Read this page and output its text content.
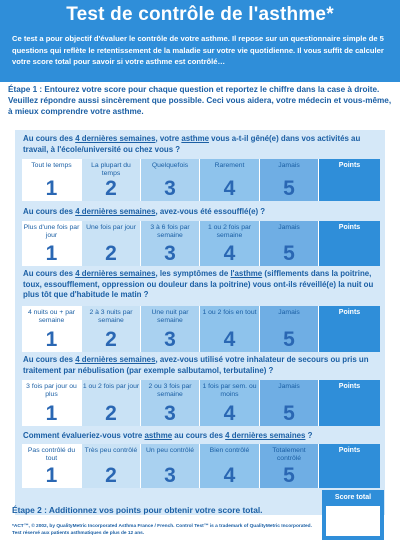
Test de contrôle de l'asthme*
Ce test a pour objectif d'évaluer le contrôle de votre asthme. Il repose sur un questionnaire simple de 5 questions qui reflète le retentissement de la maladie sur votre vie quotidienne. Il vous suffit de calculer votre score total pour savoir si votre asthme est contrôlé…
Étape 1 : Entourez votre score pour chaque question et reportez le chiffre dans la case à droite. Veuillez répondre aussi sincèrement que possible. Ceci vous aidera, votre médecin et vous-même, à mieux comprendre votre asthme.
Au cours des 4 dernières semaines, votre asthme vous a-t-il gêné(e) dans vos activités au travail, à l'école/université ou chez vous ?
Tout le temps
1
La plupart du temps
2
Quelquefois
3
Rarement
4
Jamais
5
Points
Au cours des 4 dernières semaines, avez-vous été essoufflé(e) ?
Plus d'une fois par jour
1
Une fois par jour
2
3 à 6 fois par semaine
3
1 ou 2 fois par semaine
4
Jamais
5
Points
Au cours des 4 dernières semaines, les symptômes de l'asthme (sifflements dans la poitrine, toux, essoufflement, oppression ou douleur dans la poitrine) vous ont-ils réveillé(e) la nuit ou plus tôt que d'habitude le matin ?
4 nuits ou + par semaine
1
2 à 3 nuits par semaine
2
Une nuit par semaine
3
1 ou 2 fois en tout
4
Jamais
5
Points
Au cours des 4 dernières semaines, avez-vous utilisé votre inhalateur de secours ou pris un traitement par nébulisation (par exemple salbutamol, terbutaline) ?
3 fois par jour ou plus
1
1 ou 2 fois par jour
2
2 ou 3 fois par semaine
3
1 fois par sem. ou moins
4
Jamais
5
Points
Comment évalueriez-vous votre asthme au cours des 4 dernières semaines ?
Pas contrôlé du tout
1
Très peu contrôlé
2
Un peu contrôlé
3
Bien contrôlé
4
Totalement contrôlé
5
Points
Étape 2 : Additionnez vos points pour obtenir votre score total.
Score total
*ACT™, © 2002, by QualityMetric Incorporated Asthma France / French. Control Test™ is a trademark of QualityMetric Incorporated. Test réservé aux patients asthmatiques de plus de 12 ans.
